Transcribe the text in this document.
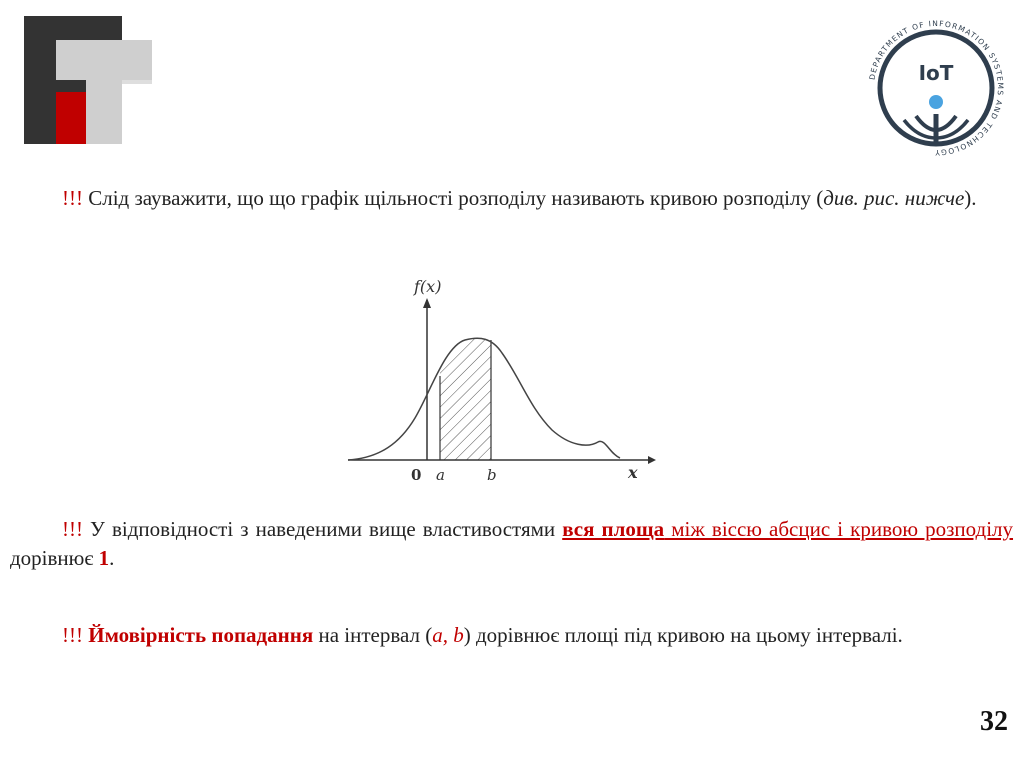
DEPARTMENT OF INFORMATION SYSTEMS AND TECHNOLOGY
IoT
!!! Слід зауважити, що що графік щільності розподілу називають кривою розподілу (див. рис. нижче).
f(x)
x
0 a	b
!!! У відповідності з наведеними вище властивостями вся площа між віссю абсцис і кривою розподілу дорівнює 1.
!!! Ймовірність попадання на інтервал (a, b) дорівнює площі під кривою на цьому інтервалі.
32
